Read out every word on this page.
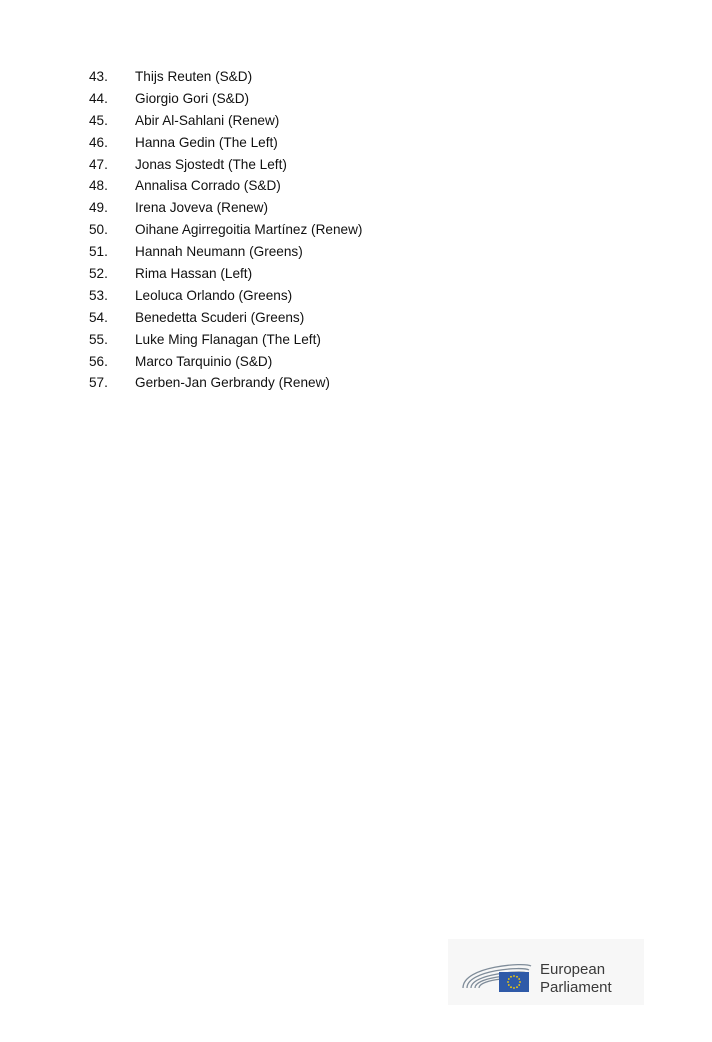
43. Thijs Reuten (S&D)
44. Giorgio Gori (S&D)
45. Abir Al-Sahlani (Renew)
46. Hanna Gedin (The Left)
47. Jonas Sjostedt (The Left)
48. Annalisa Corrado (S&D)
49. Irena Joveva (Renew)
50. Oihane Agirregoitia Martínez (Renew)
51. Hannah Neumann (Greens)
52. Rima Hassan (Left)
53. Leoluca Orlando (Greens)
54. Benedetta Scuderi (Greens)
55. Luke Ming Flanagan (The Left)
56. Marco Tarquinio (S&D)
57. Gerben-Jan Gerbrandy (Renew)
European
Parliament
